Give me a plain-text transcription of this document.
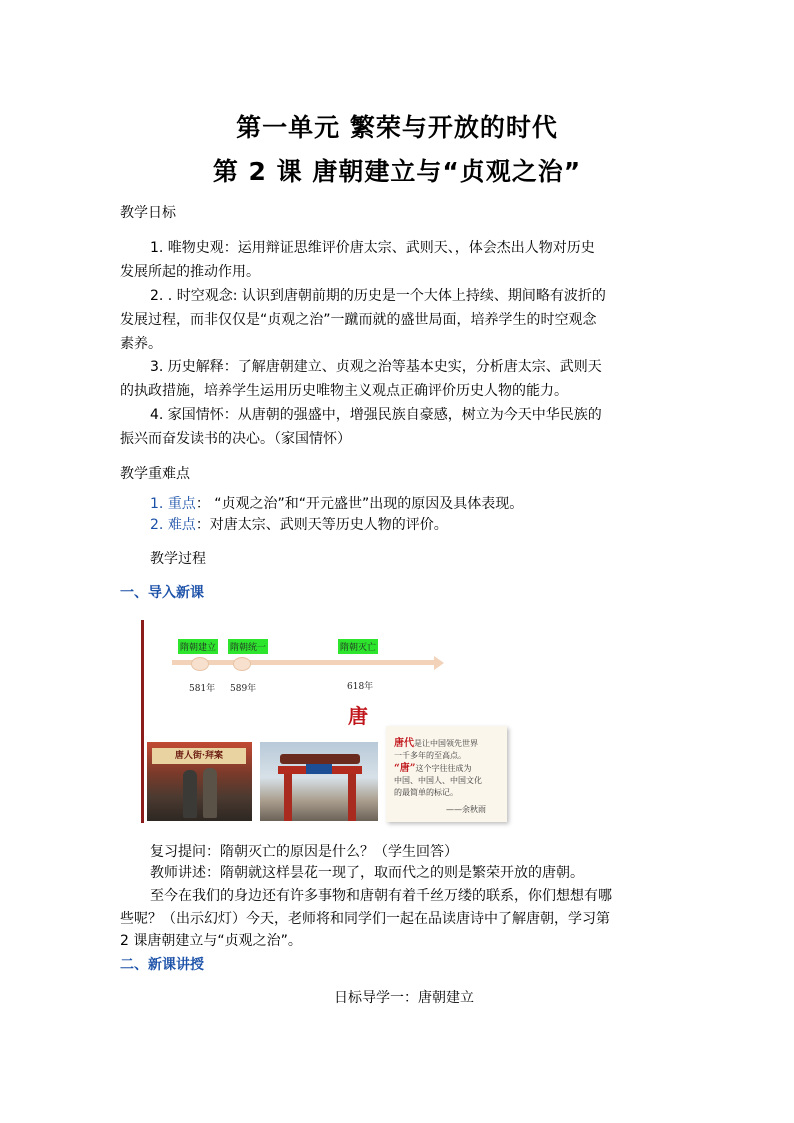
第一单元 繁荣与开放的时代
第 2 课 唐朝建立与“贞观之治”
教学日标
1. 唯物史观：运用辩证思维评价唐太宗、武则天、，体会杰出人物对历史
发展所起的推动作用。
2. . 时空观念: 认识到唐朝前期的历史是一个大体上持续、期间略有波折的
发展过程，而非仅仅是“贞观之治”一蹴而就的盛世局面，培养学生的时空观念
素养。
3. 历史解释：了解唐朝建立、贞观之治等基本史实，分析唐太宗、武则天
的执政措施，培养学生运用历史唯物主义观点正确评价历史人物的能力。
4. 家国情怀：从唐朝的强盛中，增强民族自豪感，树立为今天中华民族的
振兴而奋发读书的决心。（家国情怀）
教学重难点
1. 重点： “贞观之治”和“开元盛世”出现的原因及具体表现。
2. 难点：对唐太宗、武则天等历史人物的评价。
教学过程
一、导入新课
隋朝建立 隋朝统一	隋朝灭亡
581年 589年	618年
唐
唐人街·拜案
唐代是让中国领先世界
一千多年的至高点。
“唐”这个字往往成为
中国、中国人、中国文化
的最简单的标记。
——余秋雨
复习提问：隋朝灭亡的原因是什么？（学生回答）
教师讲述：隋朝就这样昙花一现了，取而代之的则是繁荣开放的唐朝。
至今在我们的身边还有许多事物和唐朝有着千丝万缕的联系，你们想想有哪
些呢？（出示幻灯）今天，老师将和同学们一起在品读唐诗中了解唐朝，学习第
2 课唐朝建立与“贞观之治”。
二、新课讲授
日标导学一：唐朝建立
